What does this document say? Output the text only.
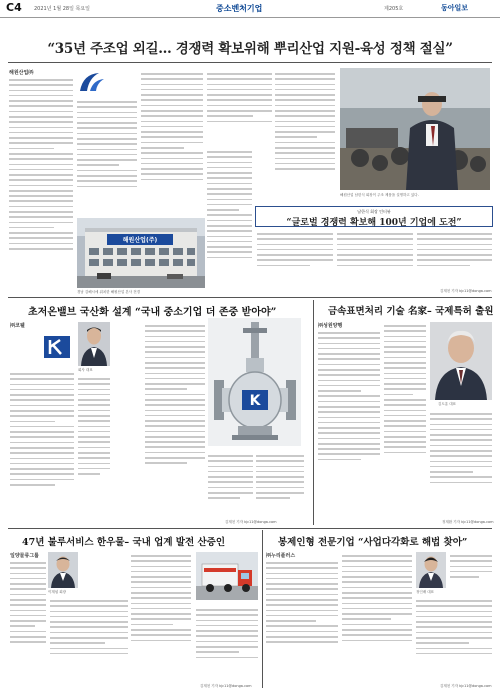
C4 2021년 1월 28일 목요일	중소벤처기업	제205호	동아일보
“35년 주조업 외길… 경쟁력 확보위해 뿌리산업 지원-육성 정책 절실”
해원산업㈜
해원산업(주)
경남 김해시에 위치한 해원산업 본사 전경
해원산업 남한식 회장이 주조 제품을 설명하고 있다.
남한식 회장 인터뷰
“글로벌 경쟁력 확보해 100년 기업에 도전”
김재천 기자 kjc11@donga.com
초저온밸브 국산화 설계 “국내 중소기업 더 존중 받아야”
㈜코웰
회사 대표
K
김재천 기자 kjc11@donga.com
금속표면처리 기술 名家– 국제특허 출원
㈜성원양행
김도흥 대표
정재환 기자 kjc11@donga.com
47년 불루서비스 한우물– 국내 업계 발전 산증인
일양물류그룹
이계섭 회장
김재천 기자 kjc11@donga.com
봉제인형 전문기업 “사업다각화로 해법 찾아”
㈜누리플러스
정인배 대표
김재천 기자 kjc11@donga.com
